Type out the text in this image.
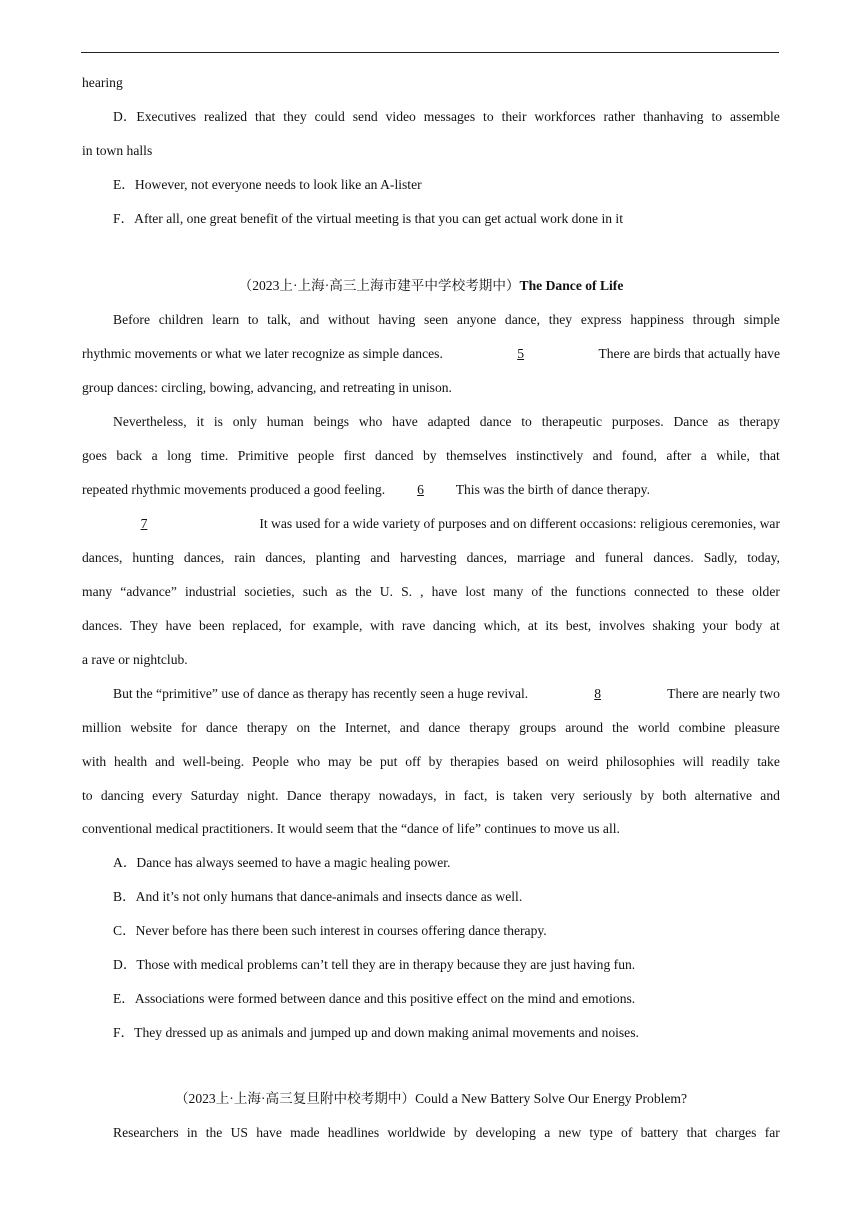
hearing
D．Executives realized that they could send video messages to their workforces rather thanhaving to assemble
in town halls
E．However, not everyone needs to look like an A-lister
F．After all, one great benefit of the virtual meeting is that you can get actual work done in it
（2023上·上海·高三上海市建平中学校考期中）The Dance of Life
Before children learn to talk, and without having seen anyone dance, they express happiness through simple
rhythmic movements or what we later recognize as simple dances.	5	There are birds that actually have
group dances: circling, bowing, advancing, and retreating in unison.
Nevertheless, it is only human beings who have adapted dance to therapeutic purposes. Dance as therapy
goes back a long time. Primitive people first danced by themselves instinctively and found, after a while, that
repeated rhythmic movements produced a good feeling. 6 This was the birth of dance therapy.
7	It was used for a wide variety of purposes and on different occasions: religious ceremonies, war
dances, hunting dances, rain dances, planting and harvesting dances, marriage and funeral dances. Sadly, today,
many “advance” industrial societies, such as the U. S. , have lost many of the functions connected to these older
dances. They have been replaced, for example, with rave dancing which, at its best, involves shaking your body at
a rave or nightclub.
But the “primitive” use of dance as therapy has recently seen a huge revival.	8	There are nearly two
million website for dance therapy on the Internet, and dance therapy groups around the world combine pleasure
with health and well-being. People who may be put off by therapies based on weird philosophies will readily take
to dancing every Saturday night. Dance therapy nowadays, in fact, is taken very seriously by both alternative and
conventional medical practitioners. It would seem that the “dance of life” continues to move us all.
A．Dance has always seemed to have a magic healing power.
B．And it’s not only humans that dance-animals and insects dance as well.
C．Never before has there been such interest in courses offering dance therapy.
D．Those with medical problems can’t tell they are in therapy because they are just having fun.
E．Associations were formed between dance and this positive effect on the mind and emotions.
F．They dressed up as animals and jumped up and down making animal movements and noises.
（2023上·上海·高三复旦附中校考期中）Could a New Battery Solve Our Energy Problem?
Researchers in the US have made headlines worldwide by developing a new type of battery that charges far
